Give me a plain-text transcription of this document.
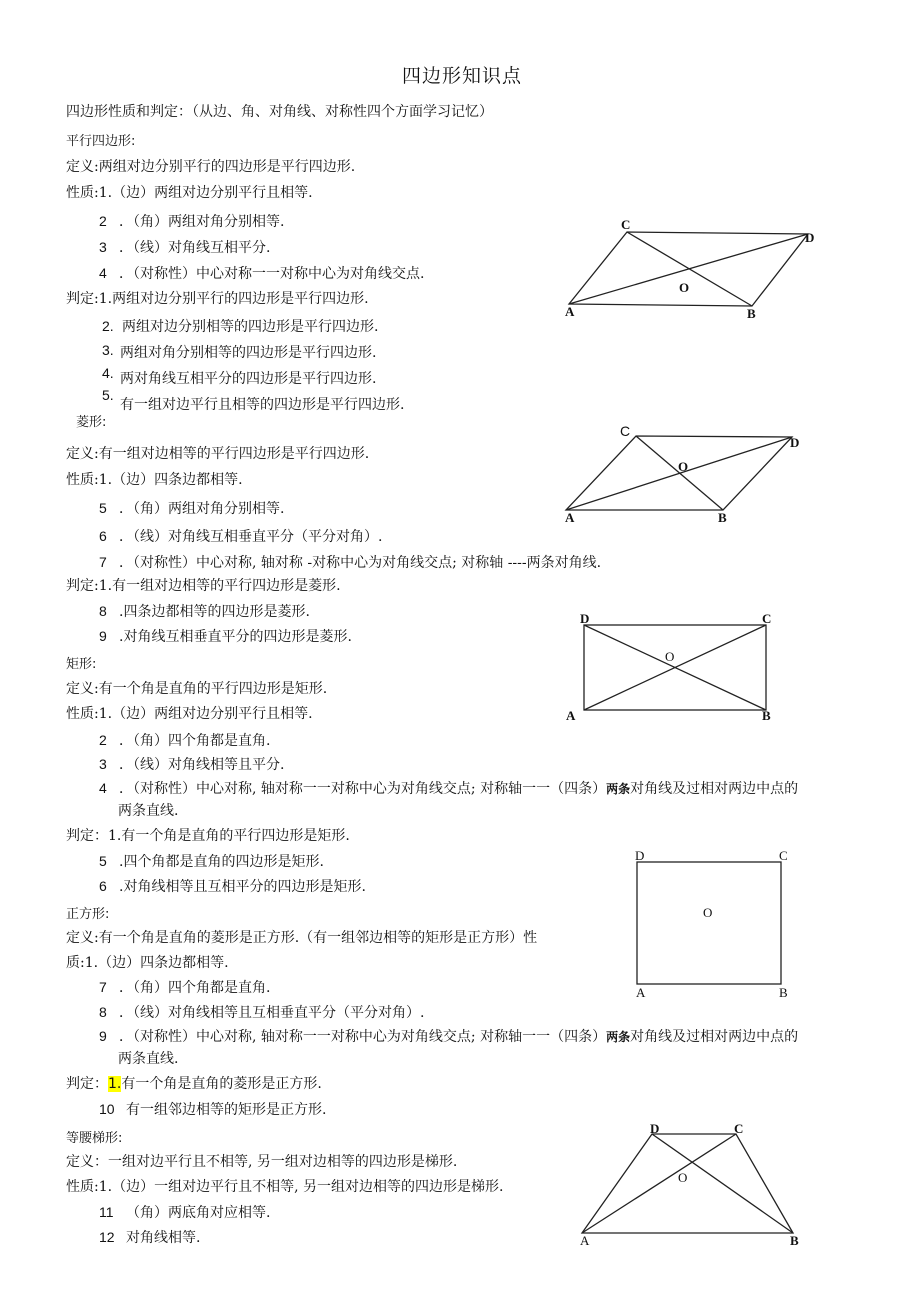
四边形知识点
四边形性质和判定：（从边、角、对角线、对称性四个方面学习记忆）
平行四边形:
定义:两组对边分别平行的四边形是平行四边形.
性质:1.（边）两组对边分别平行且相等.
2 ．（角）两组对角分别相等.
3 ．（线）对角线互相平分.
4 ．（对称性）中心对称一一对称中心为对角线交点.
判定:1.两组对边分别平行的四边形是平行四边形.
2. 两组对边分别相等的四边形是平行四边形.
3. 两组对角分别相等的四边形是平行四边形.
4. 两对角线互相平分的四边形是平行四边形.
5.
有一组对边平行且相等的四边形是平行四边形.
菱形:
定义:有一组对边相等的平行四边形是平行四边形.
性质:1.（边）四条边都相等.
5 ．（角）两组对角分别相等.
6 ．（线）对角线互相垂直平分（平分对角）.
7 ．（对称性）中心对称, 轴对称 -对称中心为对角线交点; 对称轴 ----两条对角线.
判定:1.有一组对边相等的平行四边形是菱形.
8 .四条边都相等的四边形是菱形.
9 .对角线互相垂直平分的四边形是菱形.
矩形:
定义:有一个角是直角的平行四边形是矩形.
性质:1.（边）两组对边分别平行且相等.
2 ．（角）四个角都是直角.
3 ．（线）对角线相等且平分.
4 ．（对称性）中心对称, 轴对称一一对称中心为对角线交点; 对称轴一一（四条）两条对角线及过相对两边中点的
两条直线.
判定：1.有一个角是直角的平行四边形是矩形.
5 .四个角都是直角的四边形是矩形.
6 .对角线相等且互相平分的四边形是矩形.
正方形:
定义:有一个角是直角的菱形是正方形.（有一组邻边相等的矩形是正方形）性
质:1.（边）四条边都相等.
7 ．（角）四个角都是直角.
8 ．（线）对角线相等且互相垂直平分（平分对角）.
9 ．（对称性）中心对称, 轴对称一一对称中心为对角线交点; 对称轴一一（四条）两条对角线及过相对两边中点的
两条直线.
判定：1.有一个角是直角的菱形是正方形.
10 有一组邻边相等的矩形是正方形.
等腰梯形:
定义：一组对边平行且不相等, 另一组对边相等的四边形是梯形.
性质:1.（边）一组对边平行且不相等, 另一组对边相等的四边形是梯形.
11 （角）两底角对应相等.
12 对角线相等.
C
D
A	B
O
C
D
A	B
O
D	C
A	B
O
D	C
A	B
O
D	C
A	B
O
